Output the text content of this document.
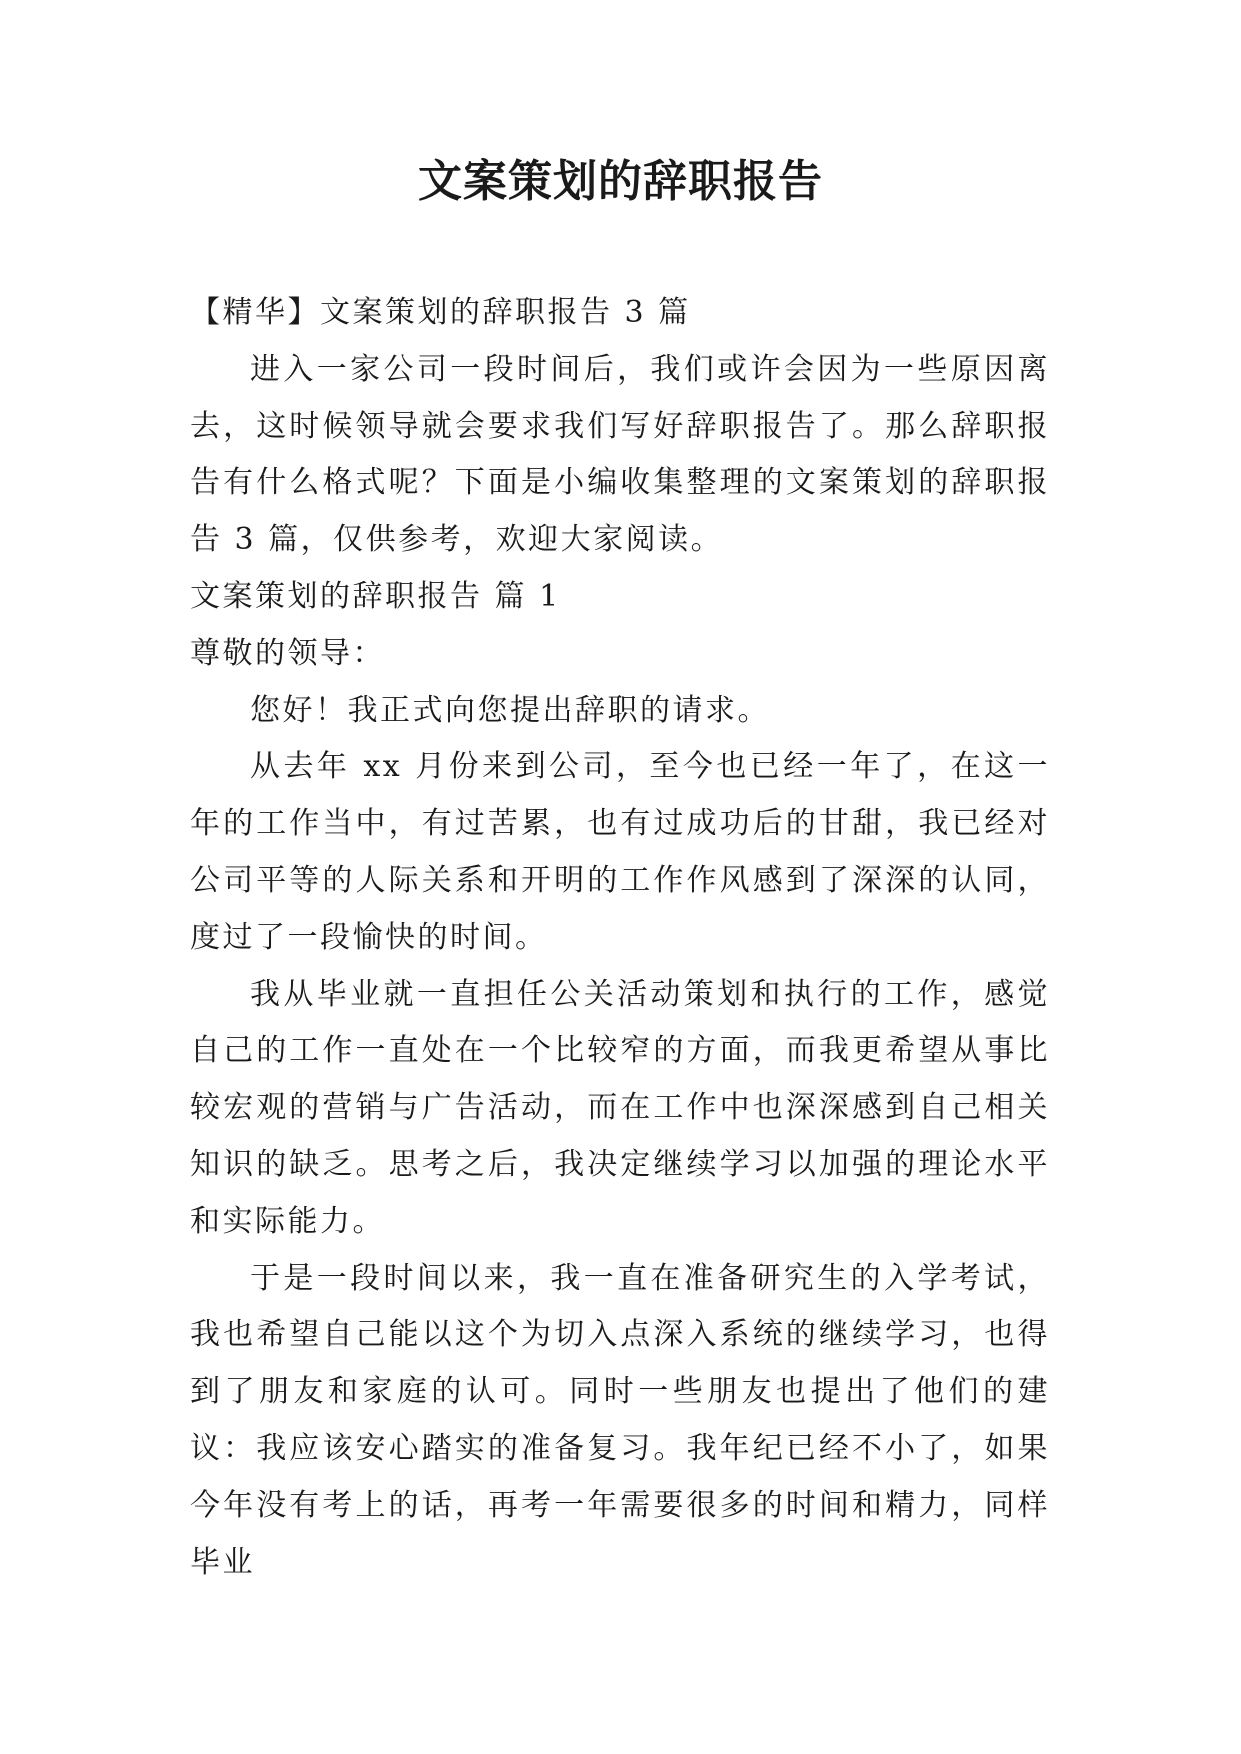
文案策划的辞职报告

【精华】文案策划的辞职报告 3 篇

进入一家公司一段时间后，我们或许会因为一些原因离去，这时候领导就会要求我们写好辞职报告了。那么辞职报告有什么格式呢？下面是小编收集整理的文案策划的辞职报告 3 篇，仅供参考，欢迎大家阅读。

文案策划的辞职报告 篇 1

尊敬的领导：

您好！我正式向您提出辞职的请求。

从去年 xx 月份来到公司，至今也已经一年了，在这一年的工作当中，有过苦累，也有过成功后的甘甜，我已经对公司平等的人际关系和开明的工作作风感到了深深的认同，度过了一段愉快的时间。

我从毕业就一直担任公关活动策划和执行的工作，感觉自己的工作一直处在一个比较窄的方面，而我更希望从事比较宏观的营销与广告活动，而在工作中也深深感到自己相关知识的缺乏。思考之后，我决定继续学习以加强的理论水平和实际能力。

于是一段时间以来，我一直在准备研究生的入学考试，我也希望自己能以这个为切入点深入系统的继续学习，也得到了朋友和家庭的认可。同时一些朋友也提出了他们的建议：我应该安心踏实的准备复习。我年纪已经不小了，如果今年没有考上的话，再考一年需要很多的时间和精力，同样毕业
